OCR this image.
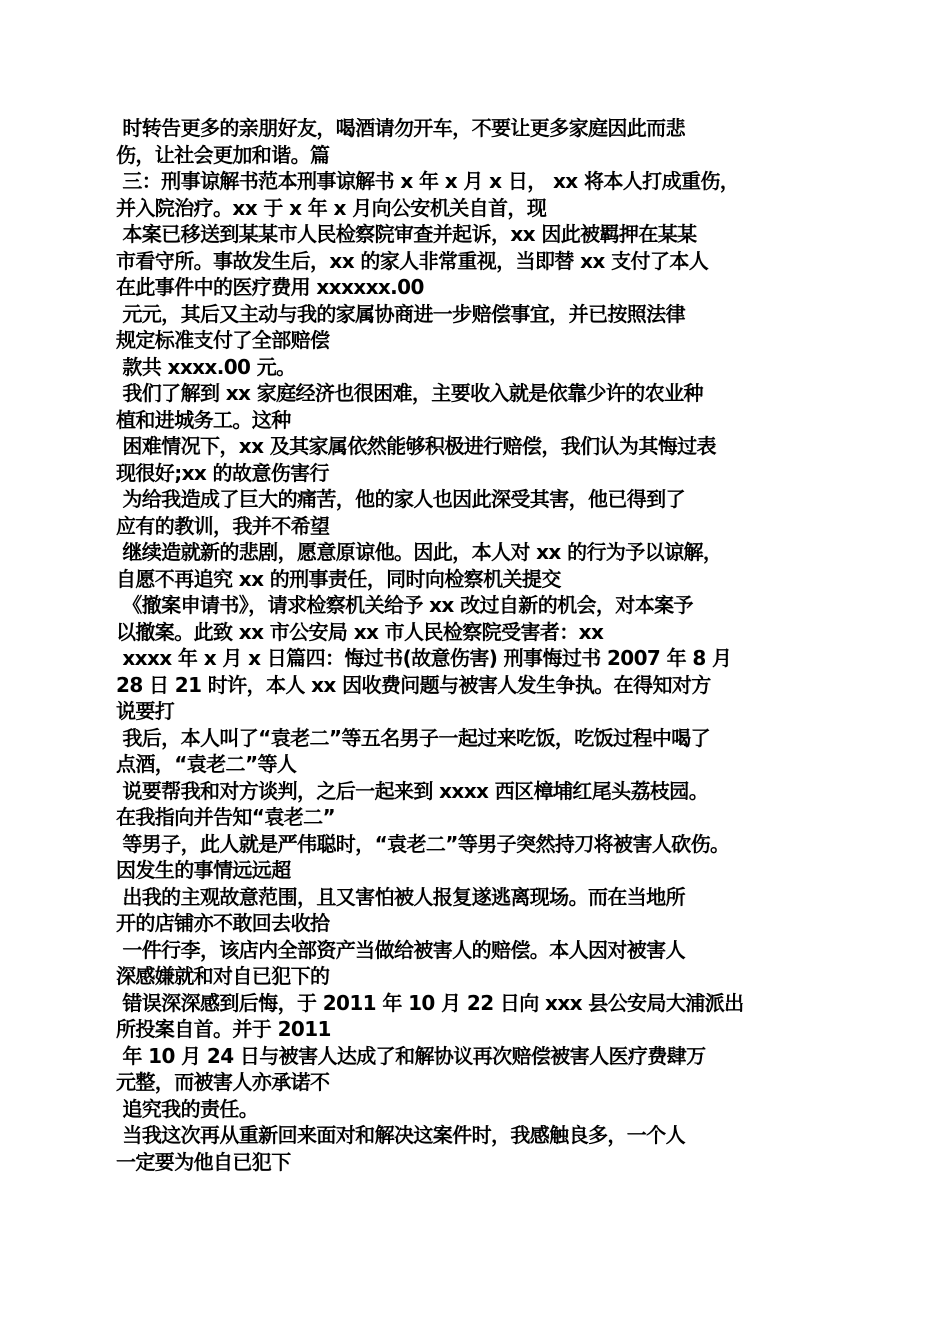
时转告更多的亲朋好友，喝酒请勿开车，不要让更多家庭因此而悲
伤，让社会更加和谐。篇
三：刑事谅解书范本刑事谅解书 x 年 x 月 x 日， xx 将本人打成重伤，
并入院治疗。xx 于 x 年 x 月向公安机关自首，现
本案已移送到某某市人民检察院审查并起诉，xx 因此被羁押在某某
市看守所。事故发生后，xx 的家人非常重视，当即替 xx 支付了本人
在此事件中的医疗费用 xxxxxx.00
元元，其后又主动与我的家属协商进一步赔偿事宜，并已按照法律
规定标准支付了全部赔偿
款共 xxxx.00 元。
我们了解到 xx 家庭经济也很困难，主要收入就是依靠少许的农业种
植和进城务工。这种
困难情况下，xx 及其家属依然能够积极进行赔偿，我们认为其悔过表
现很好;xx 的故意伤害行
为给我造成了巨大的痛苦，他的家人也因此深受其害，他已得到了
应有的教训，我并不希望
继续造就新的悲剧，愿意原谅他。因此，本人对 xx 的行为予以谅解，
自愿不再追究 xx 的刑事责任，同时向检察机关提交
《撤案申请书》，请求检察机关给予 xx 改过自新的机会，对本案予
以撤案。此致 xx 市公安局 xx 市人民检察院受害者：xx
xxxx 年 x 月 x 日篇四：悔过书(故意伤害) 刑事悔过书 2007 年 8 月
28 日 21 时许，本人 xx 因收费问题与被害人发生争执。在得知对方
说要打
我后，本人叫了“袁老二”等五名男子一起过来吃饭，吃饭过程中喝了
点酒，“袁老二”等人
说要帮我和对方谈判，之后一起来到 xxxx 西区樟埔红尾头荔枝园。
在我指向并告知“袁老二”
等男子，此人就是严伟聪时，“袁老二”等男子突然持刀将被害人砍伤。
因发生的事情远远超
出我的主观故意范围，且又害怕被人报复遂逃离现场。而在当地所
开的店铺亦不敢回去收拾
一件行李，该店内全部资产当做给被害人的赔偿。本人因对被害人
深感嫌就和对自已犯下的
错误深深感到后悔，于 2011 年 10 月 22 日向 xxx 县公安局大浦派出
所投案自首。并于 2011
年 10 月 24 日与被害人达成了和解协议再次赔偿被害人医疗费肆万
元整，而被害人亦承诺不
追究我的责任。
当我这次再从重新回来面对和解决这案件时，我感触良多，一个人
一定要为他自已犯下
